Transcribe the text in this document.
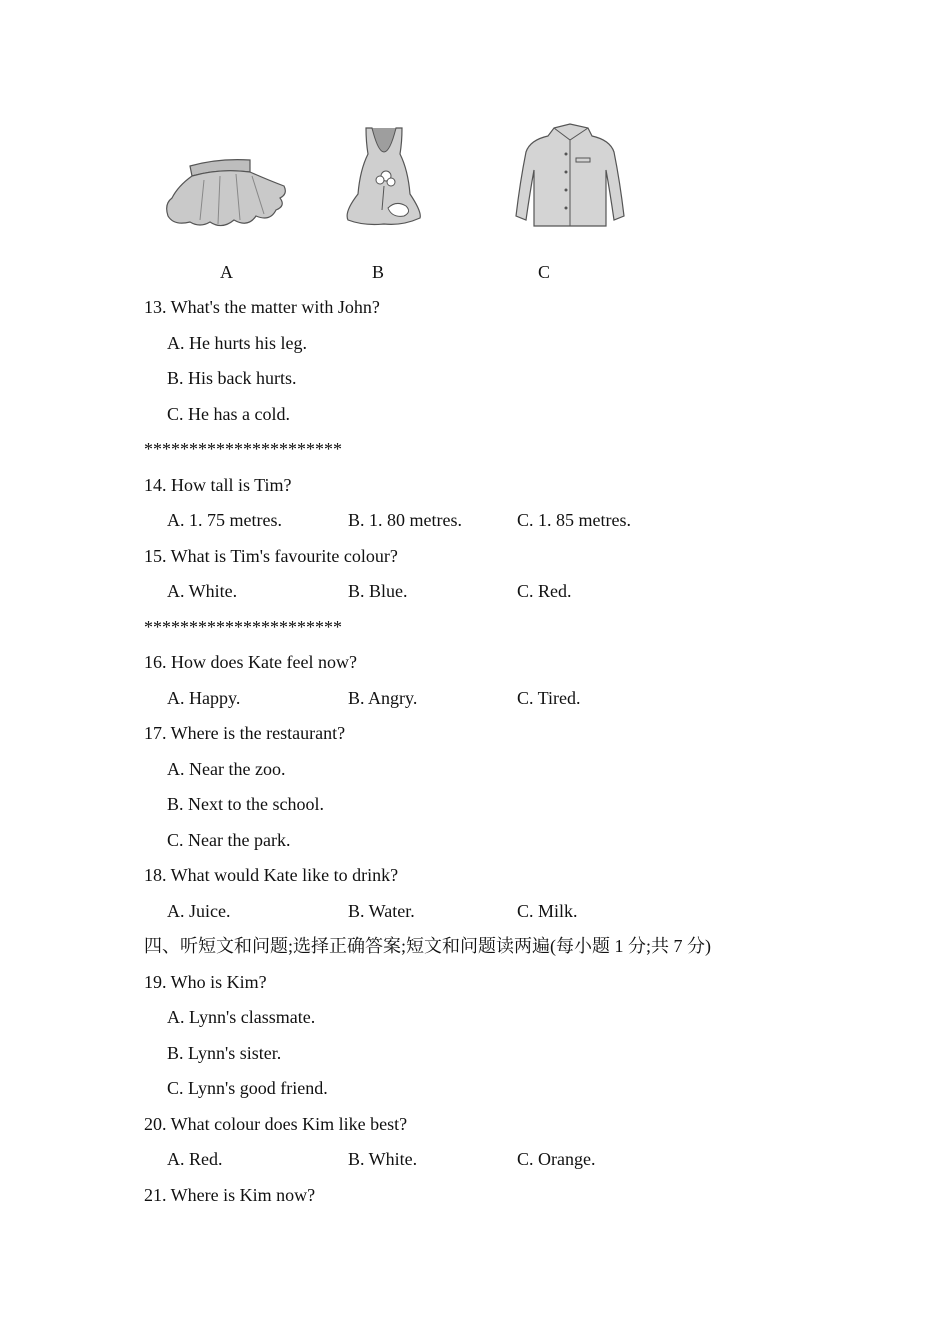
A	B	C
13. What's the matter with John?
A. He hurts his leg.
B. His back hurts.
C. He has a cold.
**********************
14. How tall is Tim?
A. 1. 75 metres.	B. 1. 80 metres.	C. 1. 85 metres.
15. What is Tim's favourite colour?
A. White.	B. Blue.	C. Red.
**********************
16. How does Kate feel now?
A. Happy.	B. Angry.	C. Tired.
17. Where is the restaurant?
A. Near the zoo.
B. Next to the school.
C. Near the park.
18. What would Kate like to drink?
A. Juice.	B. Water.	C. Milk.
四、听短文和问题;选择正确答案;短文和问题读两遍(每小题 1 分;共 7 分)
19. Who is Kim?
A. Lynn's classmate.
B. Lynn's sister.
C. Lynn's good friend.
20. What colour does Kim like best?
A. Red.	B. White.	C. Orange.
21. Where is Kim now?
